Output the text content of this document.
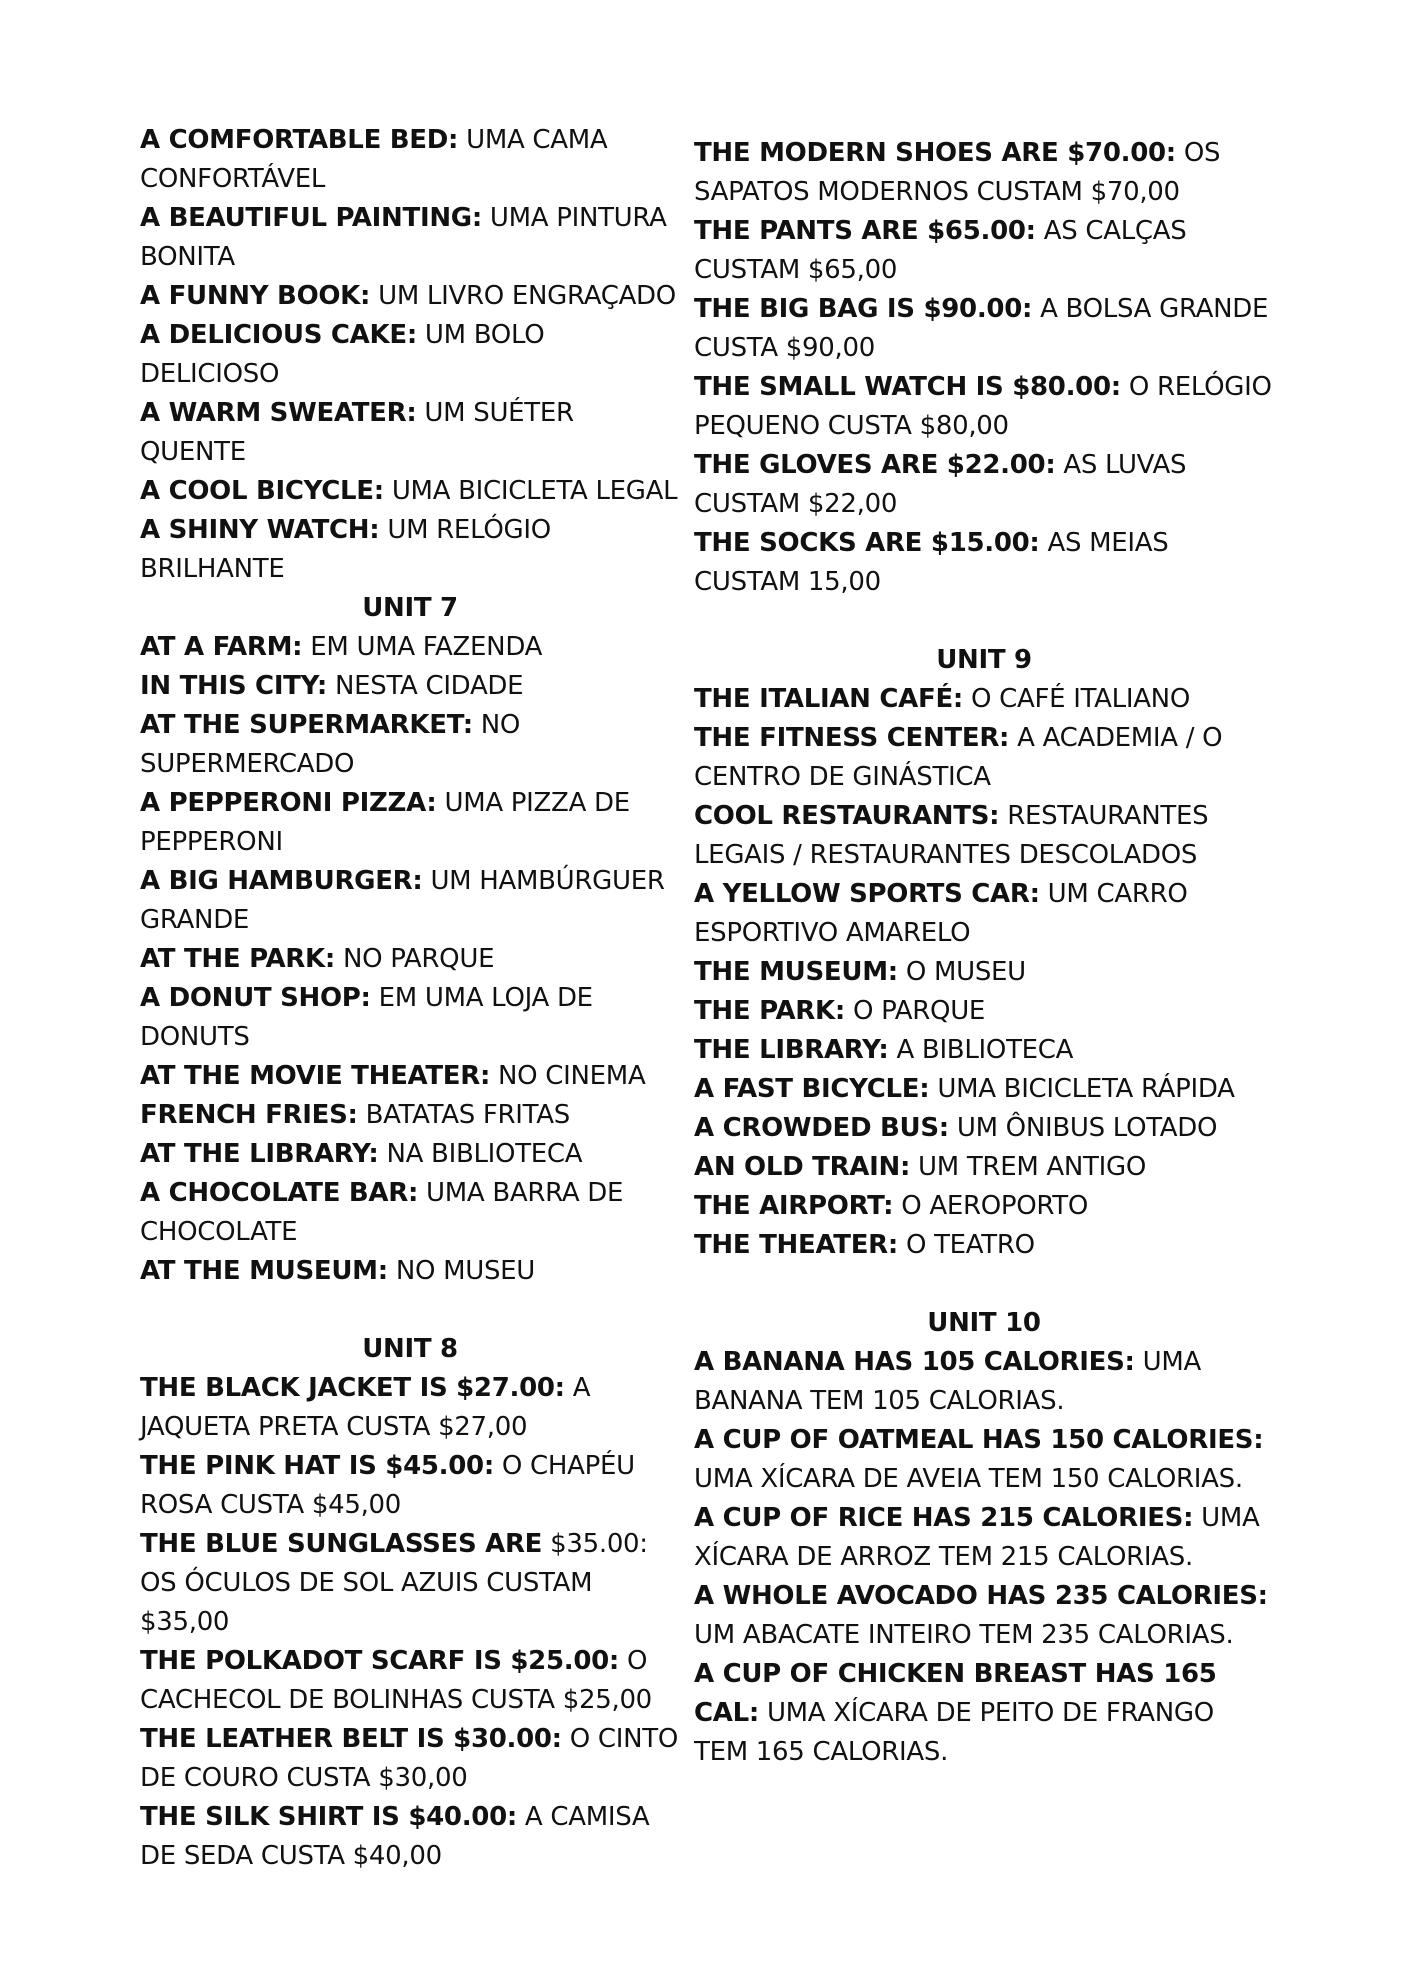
A COMFORTABLE BED: UMA CAMA CONFORTÁVEL

A BEAUTIFUL PAINTING: UMA PINTURA BONITA

A FUNNY BOOK: UM LIVRO ENGRAÇADO

A DELICIOUS CAKE: UM BOLO DELICIOSO

A WARM SWEATER: UM SUÉTER QUENTE

A COOL BICYCLE: UMA BICICLETA LEGAL

A SHINY WATCH: UM RELÓGIO BRILHANTE

UNIT 7

AT A FARM: EM UMA FAZENDA

IN THIS CITY: NESTA CIDADE

AT THE SUPERMARKET: NO SUPERMERCADO

A PEPPERONI PIZZA: UMA PIZZA DE PEPPERONI

A BIG HAMBURGER: UM HAMBÚRGUER GRANDE

AT THE PARK: NO PARQUE

A DONUT SHOP: EM UMA LOJA DE DONUTS

AT THE MOVIE THEATER: NO CINEMA

FRENCH FRIES: BATATAS FRITAS

AT THE LIBRARY: NA BIBLIOTECA

A CHOCOLATE BAR: UMA BARRA DE CHOCOLATE

AT THE MUSEUM: NO MUSEU

UNIT 8

THE BLACK JACKET IS $27.00: A JAQUETA PRETA CUSTA $27,00

THE PINK HAT IS $45.00: O CHAPÉU ROSA CUSTA $45,00

THE BLUE SUNGLASSES ARE $35.00: OS ÓCULOS DE SOL AZUIS CUSTAM $35,00

THE POLKADOT SCARF IS $25.00: O CACHECOL DE BOLINHAS CUSTA $25,00

THE LEATHER BELT IS $30.00: O CINTO DE COURO CUSTA $30,00

THE SILK SHIRT IS $40.00: A CAMISA DE SEDA CUSTA $40,00

THE MODERN SHOES ARE $70.00: OS SAPATOS MODERNOS CUSTAM $70,00

THE PANTS ARE $65.00: AS CALÇAS CUSTAM $65,00

THE BIG BAG IS $90.00: A BOLSA GRANDE CUSTA $90,00

THE SMALL WATCH IS $80.00: O RELÓGIO PEQUENO CUSTA $80,00

THE GLOVES ARE $22.00: AS LUVAS CUSTAM $22,00

THE SOCKS ARE $15.00: AS MEIAS CUSTAM 15,00

UNIT 9

THE ITALIAN CAFÉ: O CAFÉ ITALIANO

THE FITNESS CENTER: A ACADEMIA / O CENTRO DE GINÁSTICA

COOL RESTAURANTS: RESTAURANTES LEGAIS / RESTAURANTES DESCOLADOS

A YELLOW SPORTS CAR: UM CARRO ESPORTIVO AMARELO

THE MUSEUM: O MUSEU

THE PARK: O PARQUE

THE LIBRARY: A BIBLIOTECA

A FAST BICYCLE: UMA BICICLETA RÁPIDA

A CROWDED BUS: UM ÔNIBUS LOTADO

AN OLD TRAIN: UM TREM ANTIGO

THE AIRPORT: O AEROPORTO

THE THEATER: O TEATRO

UNIT 10

A BANANA HAS 105 CALORIES: UMA BANANA TEM 105 CALORIAS.

A CUP OF OATMEAL HAS 150 CALORIES: UMA XÍCARA DE AVEIA TEM 150 CALORIAS.

A CUP OF RICE HAS 215 CALORIES: UMA XÍCARA DE ARROZ TEM 215 CALORIAS.

A WHOLE AVOCADO HAS 235 CALORIES: UM ABACATE INTEIRO TEM 235 CALORIAS.

A CUP OF CHICKEN BREAST HAS 165 CAL: UMA XÍCARA DE PEITO DE FRANGO TEM 165 CALORIAS.
